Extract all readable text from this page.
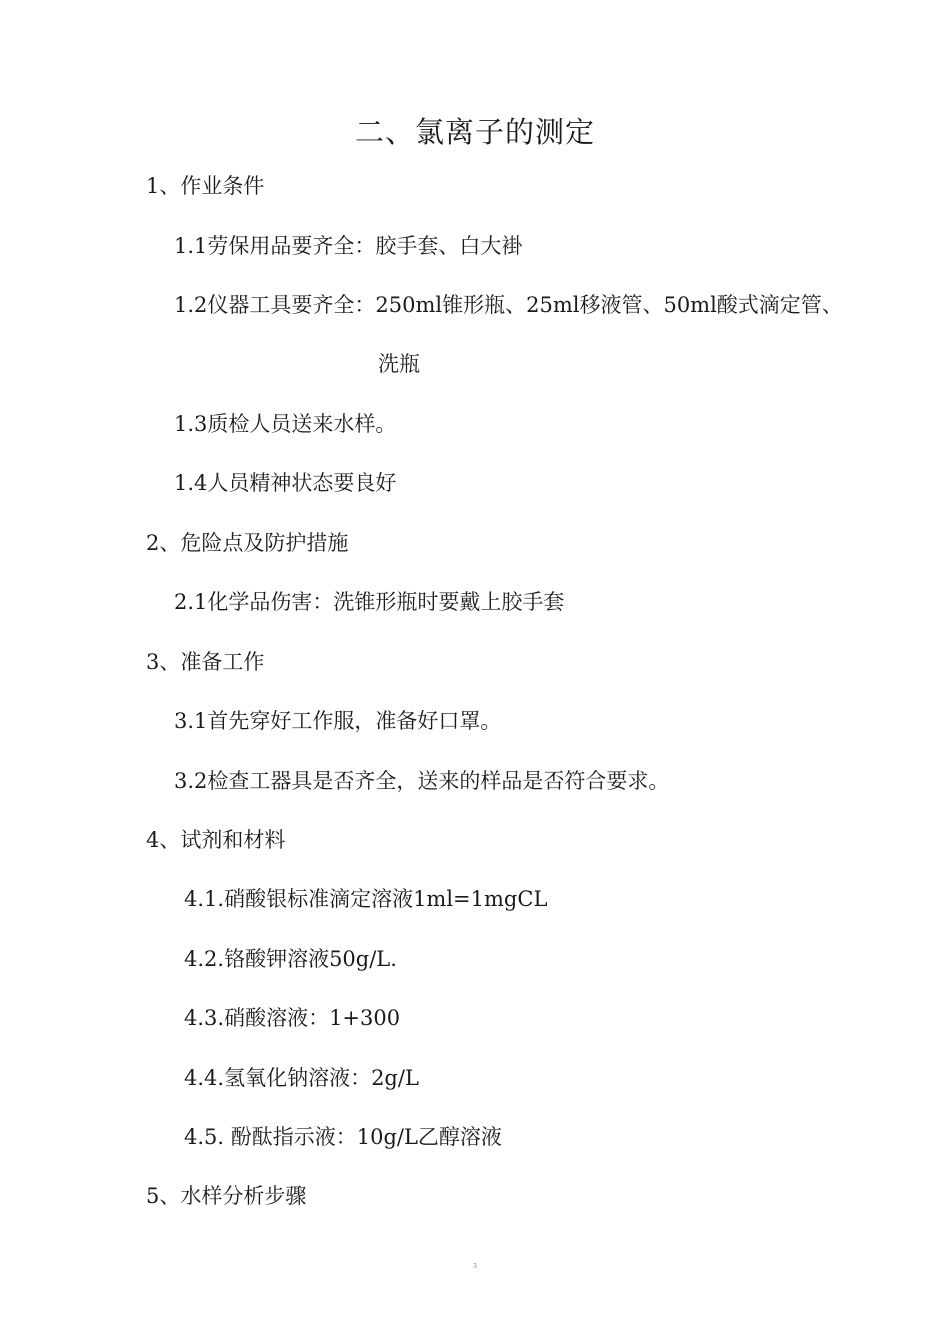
二、氯离子的测定
1、作业条件
1.1劳保用品要齐全：胶手套、白大褂
1.2仪器工具要齐全：250ml锥形瓶、25ml移液管、50ml酸式滴定管、
洗瓶
1.3质检人员送来水样。
1.4人员精神状态要良好
2、危险点及防护措施
2.1化学品伤害：洗锥形瓶时要戴上胶手套
3、准备工作
3.1首先穿好工作服，准备好口罩。
3.2检查工器具是否齐全，送来的样品是否符合要求。
4、试剂和材料
4.1.硝酸银标准滴定溶液1ml=1mgCL
4.2.铬酸钾溶液50g/L.
4.3.硝酸溶液：1+300
4.4.氢氧化钠溶液：2g/L
4.5. 酚酞指示液：10g/L乙醇溶液
5、水样分析步骤
3
